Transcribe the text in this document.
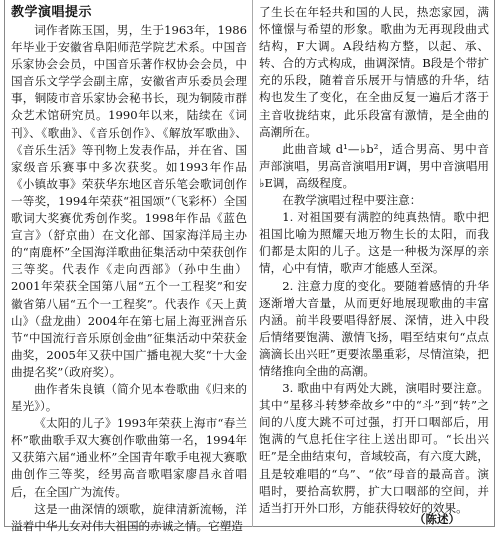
教学演唱提示

词作者陈玉国，男，生于1963年，1986年毕业于安徽省阜阳师范学院艺术系。中国音乐家协会会员，中国音乐著作权协会会员，中国音乐文学学会副主席，安徽省声乐委员会理事，铜陵市音乐家协会秘书长，现为铜陵市群众艺术馆研究员。1990年以来，陆续在《词刊》、《歌曲》、《音乐创作》、《解放军歌曲》、《音乐生活》等刊物上发表作品，并在省、国家级音乐赛事中多次获奖。如1993年作品《小镇故事》荣获华东地区音乐笔会歌词创作一等奖，1994年荣获“祖国颂”（飞彩杯）全国歌词大奖赛优秀创作奖。1998年作品《蓝色宣言》（舒京曲）在文化部、国家海洋局主办的“南鹿杯”全国海洋歌曲征集活动中荣获创作三等奖。代表作《走向西部》（孙中生曲）2001年荣获全国第八届“五个一工程奖”和安徽省第八届“五个一工程奖”。代表作《天上黄山》（盘龙曲）2004年在第七届上海亚洲音乐节“中国流行音乐原创金曲”征集活动中荣获金曲奖，2005年又获中国广播电视大奖“十大金曲提名奖”（政府奖）。

曲作者朱良镇（简介见本卷歌曲《归来的星光》）。

《太阳的儿子》1993年荣获上海市“春兰杯”歌曲歌手双大赛创作歌曲第一名，1994年又获第六届“通业杯”全国青年歌手电视大赛歌曲创作三等奖，经男高音歌唱家廖昌永首唱后，在全国广为流传。

这是一曲深情的颂歌，旋律清新流畅，洋溢着中华儿女对伟大祖国的赤诚之情。它塑造

了生长在年轻共和国的人民，热恋家园，满怀憧憬与希望的形象。歌曲为无再现段曲式结构，F大调。A段结构方整，以起、承、转、合的方式构成，曲调深情。B段是个带扩充的乐段，随着音乐展开与情感的升华，结构也发生了变化，在全曲反复一遍后才落于主音收拢结束，此乐段富有激情，是全曲的高潮所在。

此曲音域 d¹—♭b²，适合男高、男中音声部演唱，男高音演唱用F调，男中音演唱用♭E调，高级程度。

在教学演唱过程中要注意：

1. 对祖国要有满腔的纯真热情。歌中把祖国比喻为照耀天地万物生长的太阳，而我们都是太阳的儿子。这是一种极为深厚的亲情，心中有情，歌声才能感人至深。

2. 注意力度的变化。要随着感情的升华逐渐增大音量，从而更好地展现歌曲的丰富内涵。前半段要唱得舒展、深情，进入中段后情绪要饱满、激情飞扬，唱至结束句“点点滴滴长出兴旺”更要浓墨重彩，尽情渲染，把情绪推向全曲的高潮。

3. 歌曲中有两处大跳，演唱时要注意。其中“星移斗转梦牵故乡”中的“斗”到“转”之间的八度大跳不可过强，打开口咽部后，用饱满的气息托住字往上送出即可。“长出兴旺”是全曲结束句，音域较高，有六度大跳，且是较难唱的“乌”、“依”母音的最高音。演唱时，要拾高软腭，扩大口咽部的空间，并适当打开外口形，方能获得较好的效果。

（陈述）
